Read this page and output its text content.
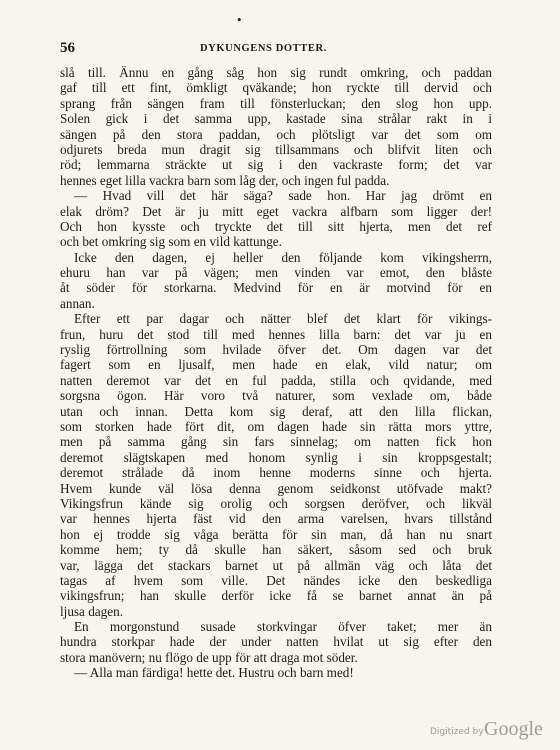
•
56	DYKUNGENS DOTTER.
slå till. Ännu en gång såg hon sig rundt omkring, och paddan
gaf till ett fint, ömkligt qväkande; hon ryckte till dervid och
sprang från sängen fram till fönsterluckan; den slog hon upp.
Solen gick i det samma upp, kastade sina strålar rakt in i
sängen på den stora paddan, och plötsligt var det som om
odjurets breda mun dragit sig tillsammans och blifvit liten och
röd; lemmarna sträckte ut sig i den vackraste form; det var
hennes eget lilla vackra barn som låg der, och ingen ful padda.
— Hvad vill det här säga? sade hon. Har jag drömt en
elak dröm? Det är ju mitt eget vackra alfbarn som ligger der!
Och hon kysste och tryckte det till sitt hjerta, men det ref
och bet omkring sig som en vild kattunge.
Icke den dagen, ej heller den följande kom vikingsherrn,
ehuru han var på vägen; men vinden var emot, den blåste
åt söder för storkarna. Medvind för en är motvind för en
annan.
Efter ett par dagar och nätter blef det klart för vikings-
frun, huru det stod till med hennes lilla barn: det var ju en
ryslig förtrollning som hvilade öfver det. Om dagen var det
fagert som en ljusalf, men hade en elak, vild natur; om
natten deremot var det en ful padda, stilla och qvidande, med
sorgsna ögon. Här voro två naturer, som vexlade om, både
utan och innan. Detta kom sig deraf, att den lilla flickan,
som storken hade fört dit, om dagen hade sin rätta mors yttre,
men på samma gång sin fars sinnelag; om natten fick hon
deremot slägtskapen med honom synlig i sin kroppsgestalt;
deremot strålade då inom henne moderns sinne och hjerta.
Hvem kunde väl lösa denna genom seidkonst utöfvade makt?
Vikingsfrun kände sig orolig och sorgsen deröfver, och likväl
var hennes hjerta fäst vid den arma varelsen, hvars tillstånd
hon ej trodde sig våga berätta för sin man, då han nu snart
komme hem; ty då skulle han säkert, såsom sed och bruk
var, lägga det stackars barnet ut på allmän väg och låta det
tagas af hvem som ville. Det nändes icke den beskedliga
vikingsfrun; han skulle derför icke få se barnet annat än på
ljusa dagen.
En morgonstund susade storkvingar öfver taket; mer än
hundra storkpar hade der under natten hvilat ut sig efter den
stora manövern; nu flögo de upp för att draga mot söder.
— Alla man färdiga! hette det. Hustru och barn med!
Digitized by Google
